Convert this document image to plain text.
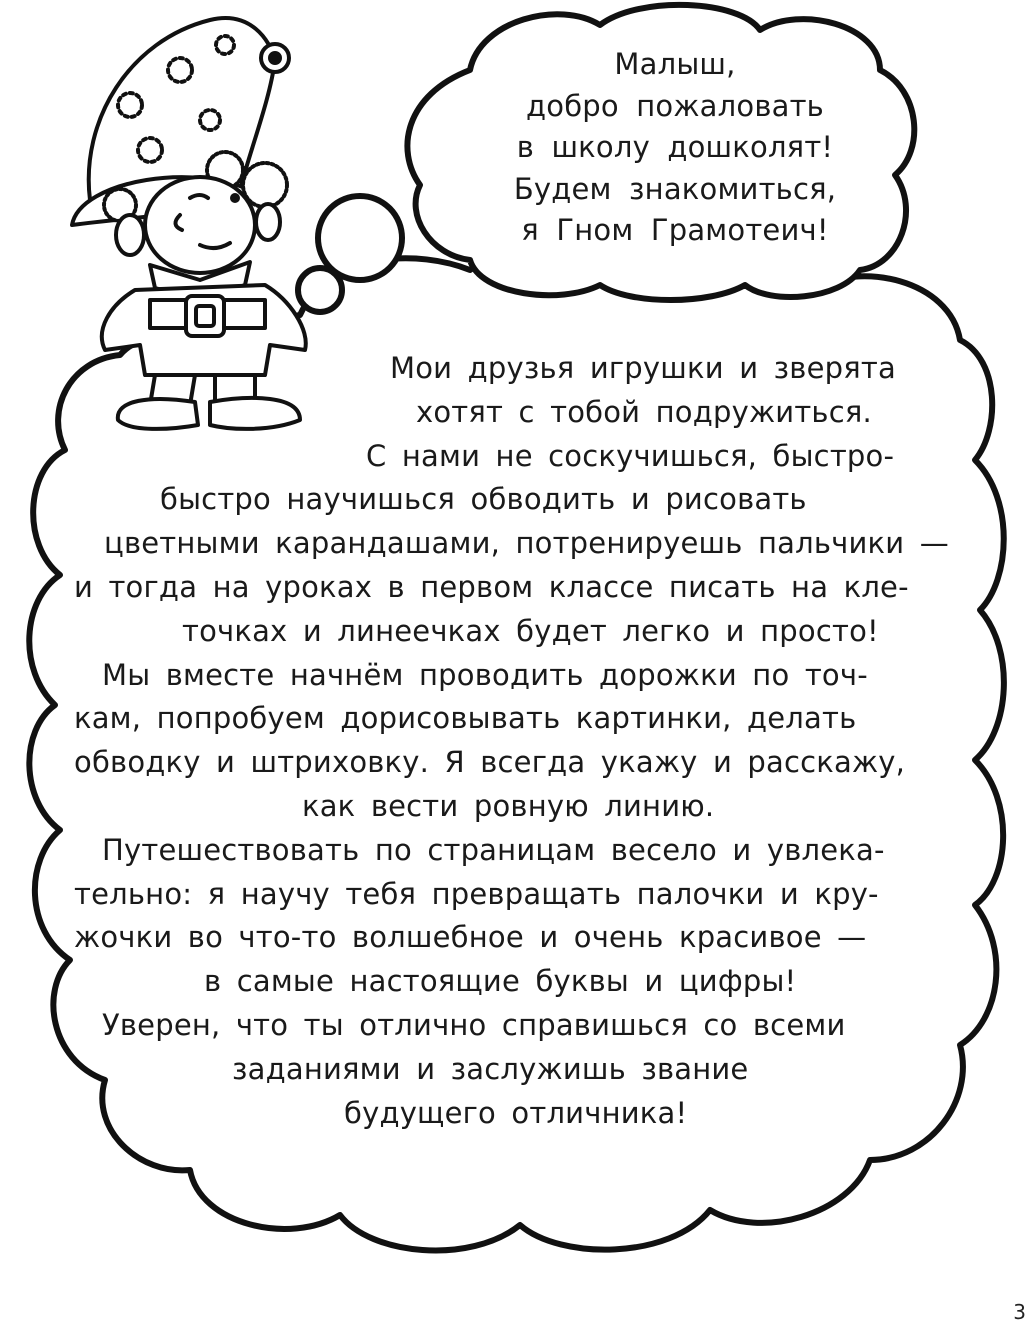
Малыш,
добро пожаловать
в школу дошколят!
Будем знакомиться,
я Гном Грамотеич!
Мои друзья игрушки и зверята
хотят с тобой подружиться.
С нами не соскучишься, быстро-
быстро научишься обводить и рисовать
цветными карандашами, потренируешь пальчики —
и тогда на уроках в первом классе писать на кле-
точках и линеечках будет легко и просто!
Мы вместе начнём проводить дорожки по точ-
кам, попробуем дорисовывать картинки, делать
обводку и штриховку. Я всегда укажу и расскажу,
как вести ровную линию.
Путешествовать по страницам весело и увлека-
тельно: я научу тебя превращать палочки и кру-
жочки во что-то волшебное и очень красивое —
в самые настоящие буквы и цифры!
Уверен, что ты отлично справишься со всеми
заданиями и заслужишь звание
будущего отличника!
3
